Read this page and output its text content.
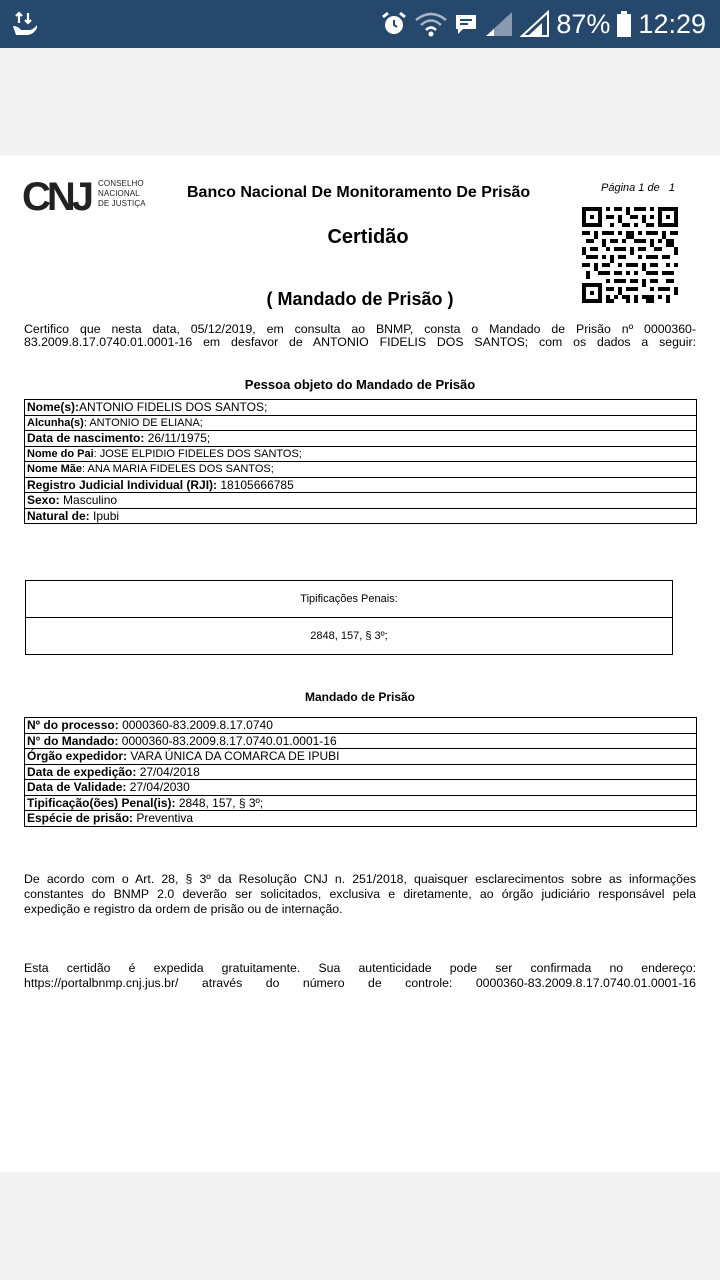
87% 12:29
CNJ CONSELHO
NACIONAL
DE JUSTIÇA
Banco Nacional De Monitoramento De Prisão	Página 1 de 1
Certidão
( Mandado de Prisão )
Certifico que nesta data, 05/12/2019, em consulta ao BNMP, consta o Mandado de Prisão nº 0000360-
83.2009.8.17.0740.01.0001-16 em desfavor de ANTONIO FIDELIS DOS SANTOS; com os dados a seguir:
Pessoa objeto do Mandado de Prisão
Nome(s):ANTONIO FIDELIS DOS SANTOS;
Alcunha(s): ANTONIO DE ELIANA;
Data de nascimento: 26/11/1975;
Nome do Pai: JOSE ELPIDIO FIDELES DOS SANTOS;
Nome Mãe: ANA MARIA FIDELES DOS SANTOS;
Registro Judicial Individual (RJI): 18105666785
Sexo: Masculino
Natural de: Ipubi
Tipificações Penais:
2848, 157, § 3º;
Mandado de Prisão
Nº do processo: 0000360-83.2009.8.17.0740
N° do Mandado: 0000360-83.2009.8.17.0740.01.0001-16
Órgão expedidor: VARA ÚNICA DA COMARCA DE IPUBI
Data de expedição: 27/04/2018
Data de Validade: 27/04/2030
Tipificação(ões) Penal(is): 2848, 157, § 3º;
Espécie de prisão: Preventiva
De acordo com o Art. 28, § 3º da Resolução CNJ n. 251/2018, quaisquer esclarecimentos sobre as informações
constantes do BNMP 2.0 deverão ser solicitados, exclusiva e diretamente, ao órgão judiciário responsável pela
expedição e registro da ordem de prisão ou de internação.
Esta certidão é expedida gratuitamente. Sua autenticidade pode ser confirmada no endereço:
https://portalbnmp.cnj.jus.br/ através do número de controle: 0000360-83.2009.8.17.0740.01.0001-16
